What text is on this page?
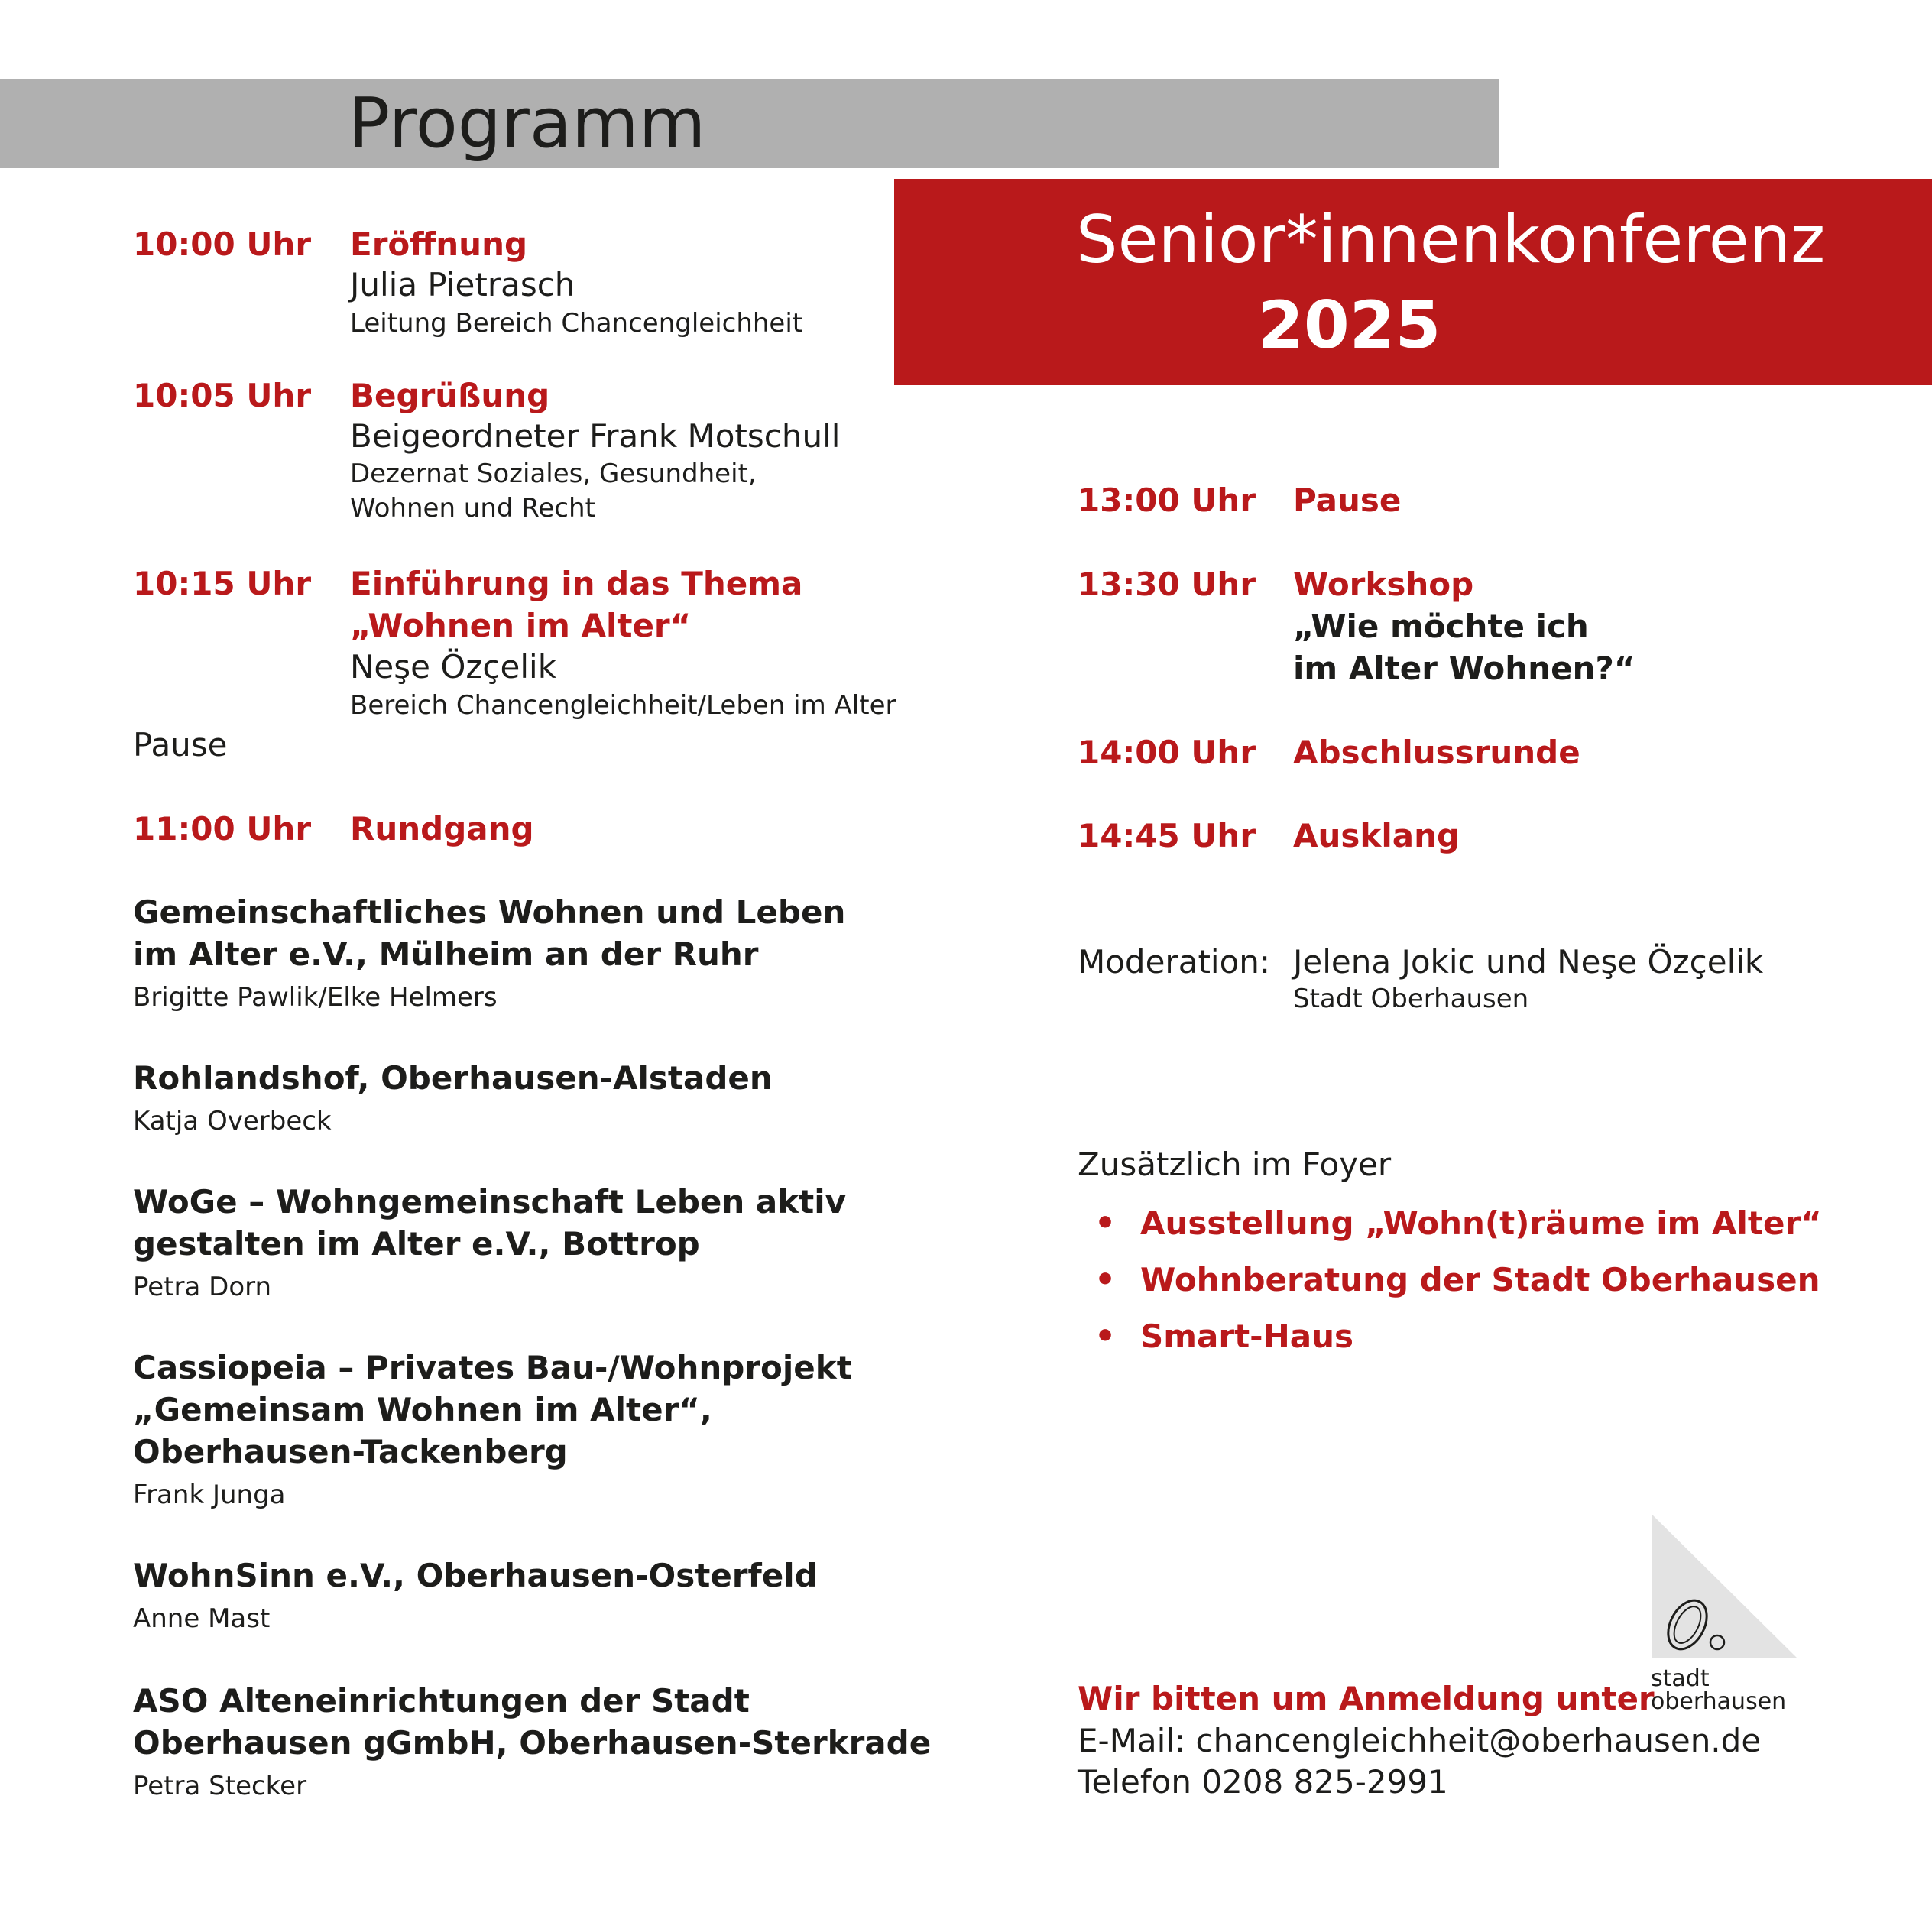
Programm
Senior*innenkonferenz
2025
10:00 Uhr Eröffnung
Julia Pietrasch
Leitung Bereich Chancengleichheit
10:05 Uhr Begrüßung
Beigeordneter Frank Motschull
Dezernat Soziales, Gesundheit,
Wohnen und Recht
10:15 Uhr Einführung in das Thema
„Wohnen im Alter“
Neşe Özçelik
Bereich Chancengleichheit/Leben im Alter
Pause
11:00 Uhr Rundgang
Gemeinschaftliches Wohnen und Leben
im Alter e.V., Mülheim an der Ruhr
Brigitte Pawlik/Elke Helmers
Rohlandshof, Oberhausen-Alstaden
Katja Overbeck
WoGe – Wohngemeinschaft Leben aktiv
gestalten im Alter e.V., Bottrop
Petra Dorn
Cassiopeia – Privates Bau-/Wohnprojekt
„Gemeinsam Wohnen im Alter“,
Oberhausen-Tackenberg
Frank Junga
WohnSinn e.V., Oberhausen-Osterfeld
Anne Mast
ASO Alteneinrichtungen der Stadt
Oberhausen gGmbH, Oberhausen-Sterkrade
Petra Stecker
13:00 Uhr Pause
13:30 Uhr Workshop
„Wie möchte ich
im Alter Wohnen?“
14:00 Uhr Abschlussrunde
14:45 Uhr Ausklang
Moderation: Jelena Jokic und Neşe Özçelik
Stadt Oberhausen
Zusätzlich im Foyer
• Ausstellung „Wohn(t)räume im Alter“
• Wohnberatung der Stadt Oberhausen
• Smart-Haus
stadt
oberhausen
Wir bitten um Anmeldung unter
E-Mail: chancengleichheit@oberhausen.de
Telefon 0208 825-2991
